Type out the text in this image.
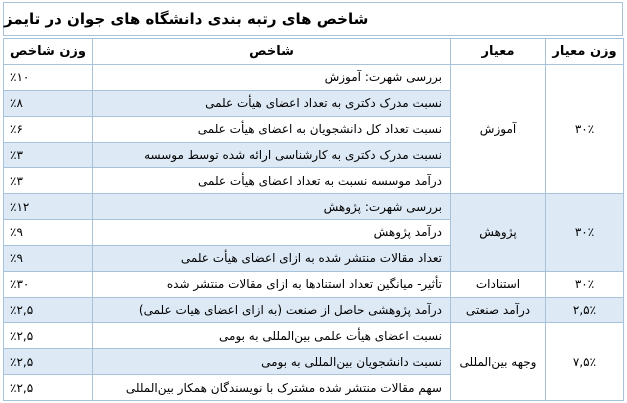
شاخص های رتبه بندی دانشگاه های جوان در تایمز
وزن معیار	معیار	شاخص	وزن شاخص
۳۰٪	آموزش	بررسی شهرت: آموزش	٪۱۰
		نسبت مدرک دکتری به تعداد اعضای هیأت علمی	٪۸
		نسبت تعداد کل دانشجویان به اعضای هیأت علمی	٪۶
		نسبت مدرک دکتری به کارشناسی ارائه شده توسط موسسه	٪۳
		درآمد موسسه نسبت به تعداد اعضای هیأت علمی	٪۳
۳۰٪	پژوهش	بررسی شهرت: پژوهش	٪۱۲
		درآمد پژوهش	٪۹
		تعداد مقالات منتشر شده به ازای اعضای هیأت علمی	٪۹
۳۰٪	استنادات	تأثیر- میانگین تعداد استنادها به ازای مقالات منتشر شده	٪۳۰
۲,۵٪	درآمد صنعتی	درآمد پژوهشی حاصل از صنعت (به ازای اعضای هیات علمی)	٪۲,۵
۷,۵٪	وجهه بین‌المللی	نسبت اعضای هیأت علمی بین‌المللی به بومی	٪۲,۵
		نسبت دانشجویان بین‌المللی به بومی	٪۲,۵
		سهم مقالات منتشر شده مشترک با نویسندگان همکار بین‌المللی	٪۲,۵
